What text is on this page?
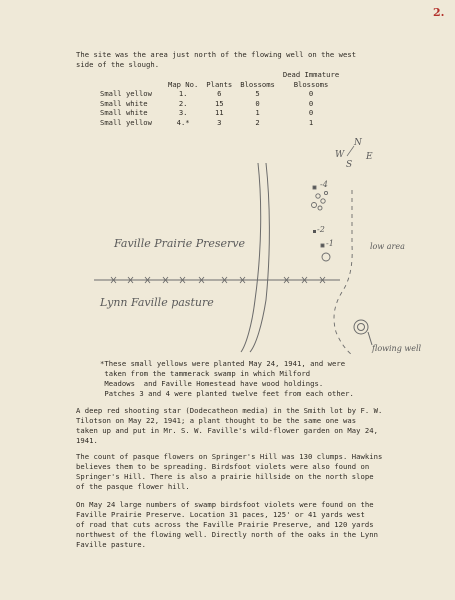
2.
The site was the area just north of the flowing well on the west
side of the slough.
	Map No.	Plants	Blossoms	Dead Immature
Blossoms
Small yellow	1.	6	5	0
Small white	2.	15	0	0
Small white	3.	11	1	0
Small yellow	4.*	3	2	1
N
W E
S
-4
-2
-1
Faville Prairie Preserve
Lynn Faville pasture
low area
flowing well
*These small yellows were planted May 24, 1941, and were
taken from the tammerack swamp in which Milford
Meadows  and Faville Homestead have wood holdings.
Patches 3 and 4 were planted twelve feet from each other.
A deep red shooting star (Dodecatheon media) in the Smith lot by F. W.
Tilotson on May 22, 1941; a plant thought to be the same one was
taken up and put in Mr. S. W. Faville's wild-flower garden on May 24,
1941.
The count of pasque flowers on Springer's Hill was 130 clumps. Hawkins
believes them to be spreading. Birdsfoot violets were also found on
Springer's Hill. There is also a prairie hillside on the north slope
of the pasque flower hill.
On May 24 large numbers of swamp birdsfoot violets were found on the
Faville Prairie Preserve. Location 31 paces, 125' or 41 yards west
of road that cuts across the Faville Prairie Preserve, and 120 yards
northwest of the flowing well. Directly north of the oaks in the Lynn
Faville pasture.
